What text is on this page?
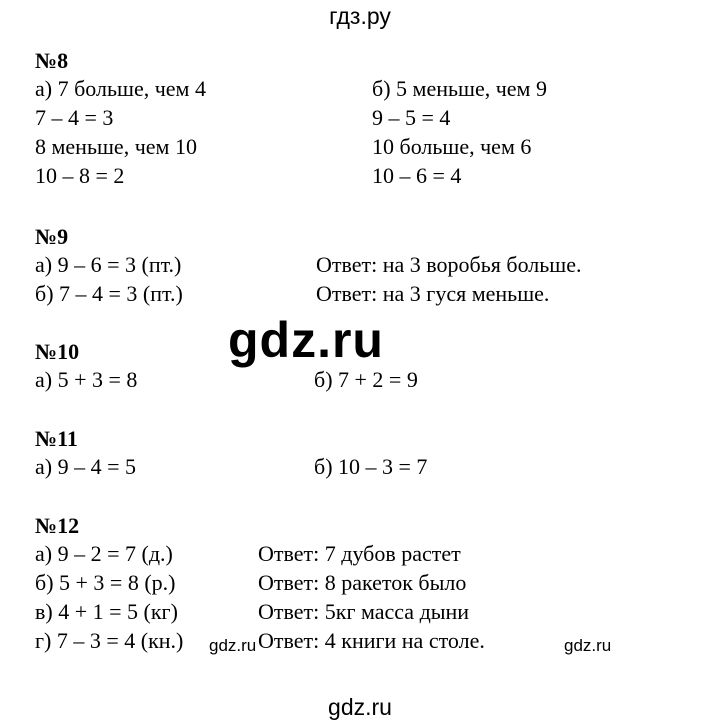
гдз.ру
№8
а) 7 больше, чем 4	б) 5 меньше, чем 9
7 – 4 = 3	9 – 5 = 4
8 меньше, чем 10	10 больше, чем 6
10 – 8 = 2	10 – 6 = 4
№9
а) 9 – 6 = 3 (пт.)	Ответ: на 3 воробья больше.
б) 7 – 4 = 3 (пт.)	Ответ: на 3 гуся меньше.
№10
а) 5 + 3 = 8	б) 7 + 2 = 9
№11
а) 9 – 4 = 5	б) 10 – 3 = 7
№12
а) 9 – 2 = 7 (д.)	Ответ: 7 дубов растет
б) 5 + 3 = 8 (р.)	Ответ: 8 ракеток было
в) 4 + 1 = 5 (кг)	Ответ: 5кг масса дыни
г) 7 – 3 = 4 (кн.)	Ответ: 4 книги на столе.
gdz.ru
gdz.ru	gdz.ru
gdz.ru
